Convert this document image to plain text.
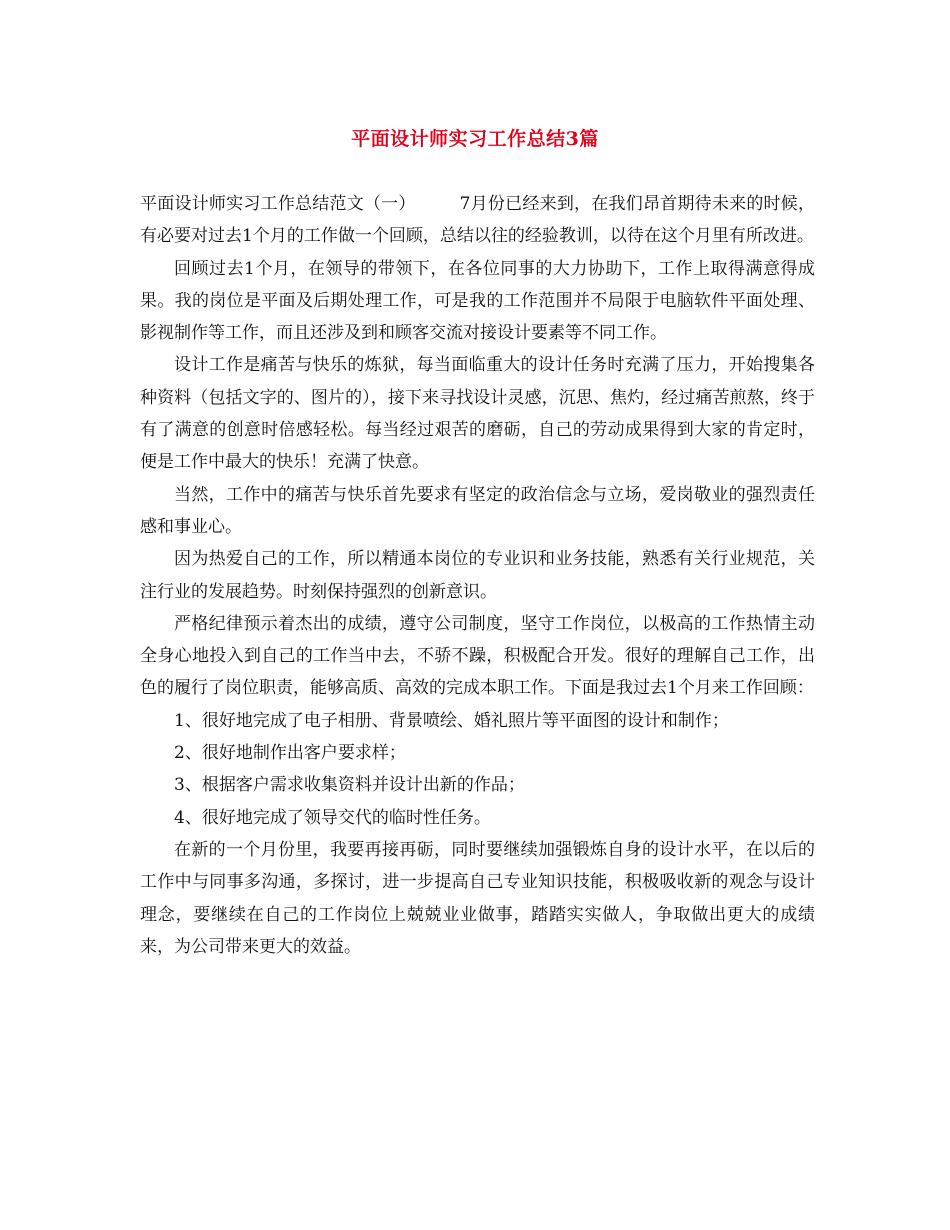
平面设计师实习工作总结3篇

平面设计师实习工作总结范文（一）	7月份已经来到，在我们昂首期待未来的时候，有必要对过去1个月的工作做一个回顾，总结以往的经验教训，以待在这个月里有所改进。

回顾过去1个月，在领导的带领下，在各位同事的大力协助下，工作上取得满意得成果。我的岗位是平面及后期处理工作，可是我的工作范围并不局限于电脑软件平面处理、影视制作等工作，而且还涉及到和顾客交流对接设计要素等不同工作。

设计工作是痛苦与快乐的炼狱，每当面临重大的设计任务时充满了压力，开始搜集各种资料（包括文字的、图片的），接下来寻找设计灵感，沉思、焦灼，经过痛苦煎熬，终于有了满意的创意时倍感轻松。每当经过艰苦的磨砺，自己的劳动成果得到大家的肯定时，便是工作中最大的快乐！充满了快意。

当然，工作中的痛苦与快乐首先要求有坚定的政治信念与立场，爱岗敬业的强烈责任感和事业心。

因为热爱自己的工作，所以精通本岗位的专业识和业务技能，熟悉有关行业规范，关注行业的发展趋势。时刻保持强烈的创新意识。

严格纪律预示着杰出的成绩，遵守公司制度，坚守工作岗位，以极高的工作热情主动全身心地投入到自己的工作当中去，不骄不躁，积极配合开发。很好的理解自己工作，出色的履行了岗位职责，能够高质、高效的完成本职工作。下面是我过去1个月来工作回顾：

1、很好地完成了电子相册、背景喷绘、婚礼照片等平面图的设计和制作；

2、很好地制作出客户要求样；

3、根据客户需求收集资料并设计出新的作品；

4、很好地完成了领导交代的临时性任务。

在新的一个月份里，我要再接再砺，同时要继续加强锻炼自身的设计水平，在以后的工作中与同事多沟通，多探讨，进一步提高自己专业知识技能，积极吸收新的观念与设计理念，要继续在自己的工作岗位上兢兢业业做事，踏踏实实做人，争取做出更大的成绩来，为公司带来更大的效益。
